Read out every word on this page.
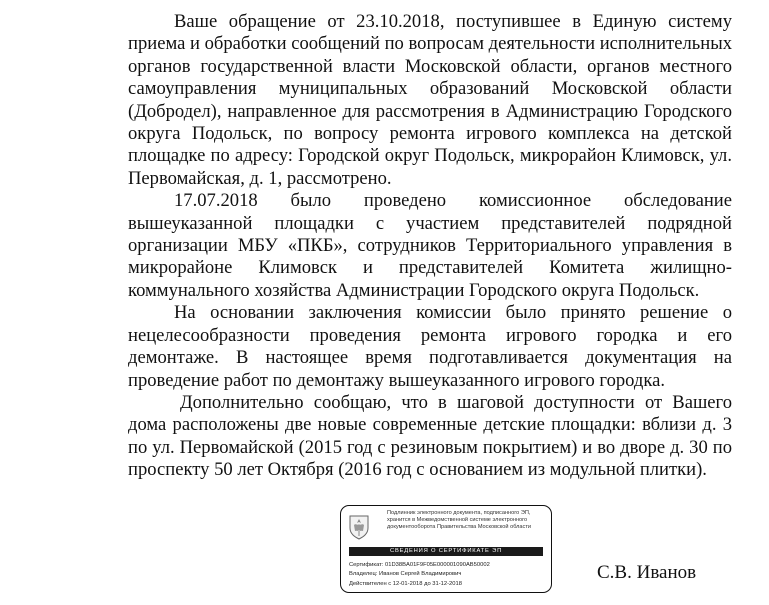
Ваше обращение от 23.10.2018, поступившее в Единую систему приема и обработки сообщений по вопросам деятельности исполнительных органов государственной власти Московской области, органов местного самоуправления муниципальных образований Московской области (Добродел), направленное для рассмотрения в Администрацию Городского округа Подольск, по вопросу ремонта игрового комплекса на детской площадке по адресу: Городской округ Подольск, микрорайон Климовск, ул. Первомайская, д. 1, рассмотрено.

17.07.2018 было проведено комиссионное обследование вышеуказанной площадки с участием представителей подрядной организации МБУ «ПКБ», сотрудников Территориального управления в микрорайоне Климовск и представителей Комитета жилищно-коммунального хозяйства Администрации Городского округа Подольск.

На основании заключения комиссии было принято решение о нецелесообразности проведения ремонта игрового городка и его демонтаже. В настоящее время подготавливается документация на проведение работ по демонтажу вышеуказанного игрового городка.

Дополнительно сообщаю, что в шаговой доступности от Вашего дома расположены две новые современные детские площадки: вблизи д. 3 по ул. Первомайской (2015 год с резиновым покрытием) и во дворе д. 30 по проспекту 50 лет Октября (2016 год с основанием из модульной плитки).

Подлинник электронного документа, подписанного ЭП, хранится в Межведомственной системе электронного документооборота Правительства Московской области
СВЕДЕНИЯ О СЕРТИФИКАТЕ ЭП
Сертификат: 01D38BA01F9F05E000001090AB50002
Владелец: Иванов Сергей Владимирович
Действителен с 12-01-2018 до 31-12-2018
С.В. Иванов
